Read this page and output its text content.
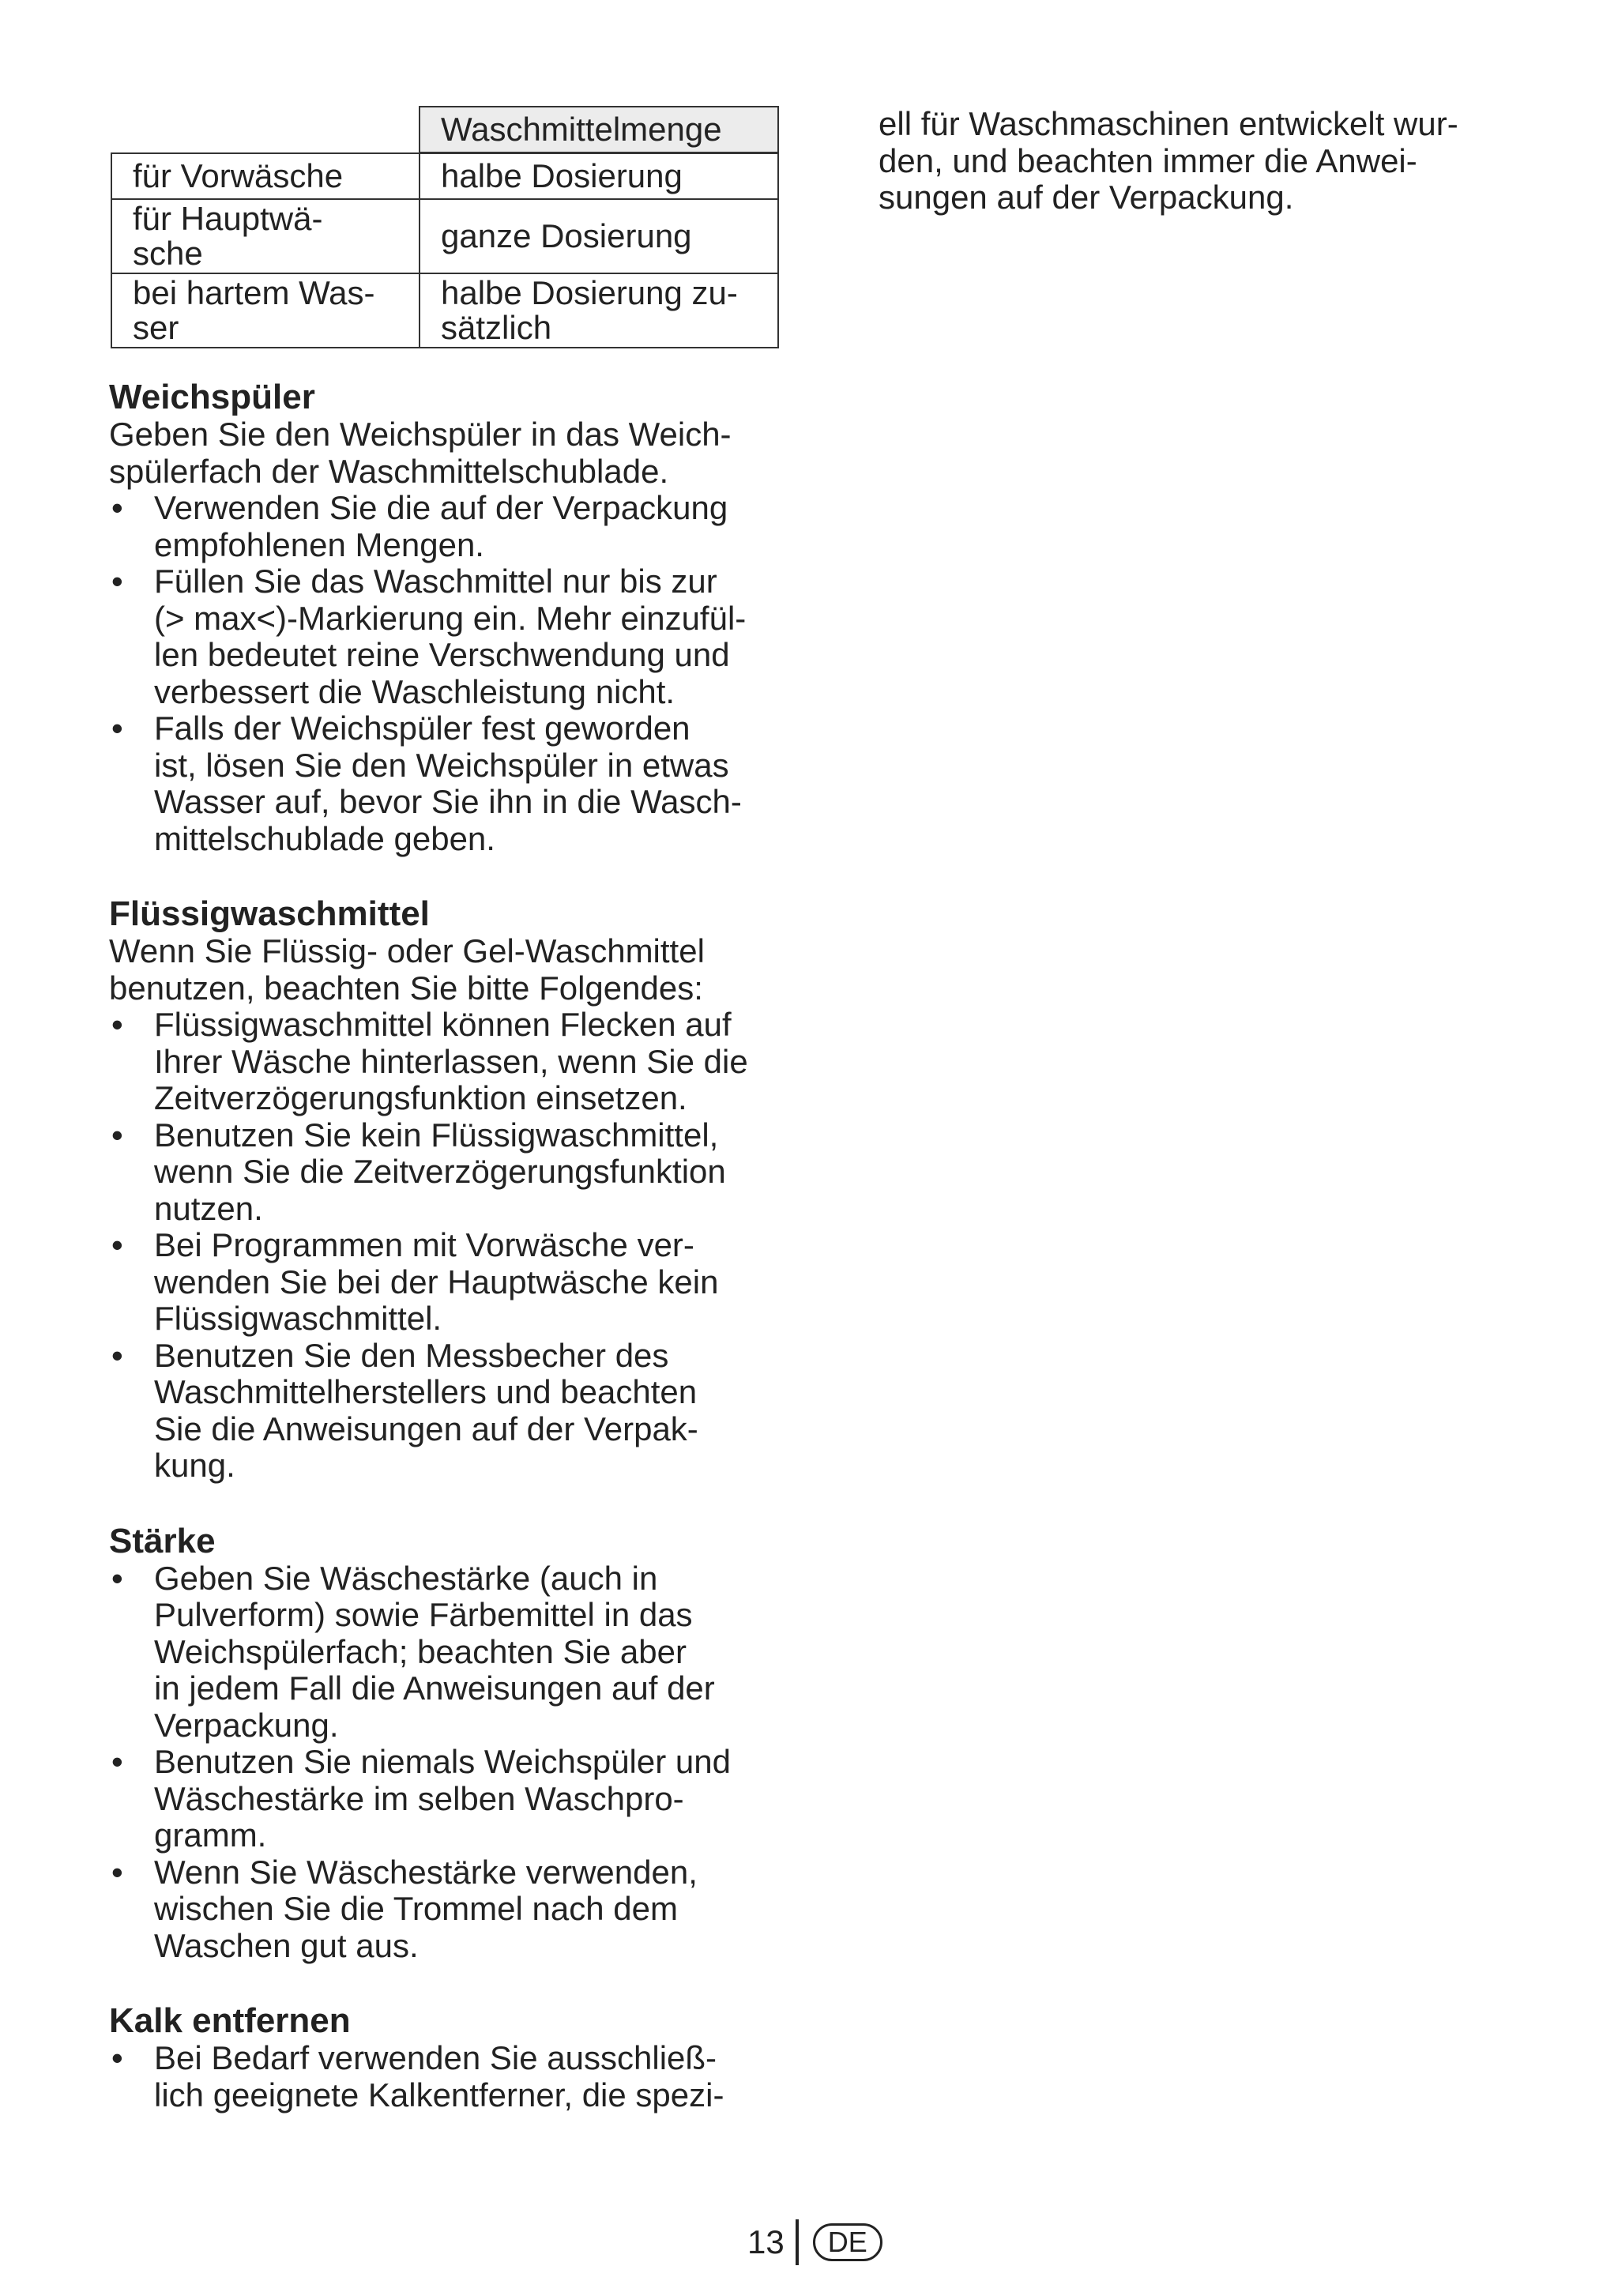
	Waschmittelmenge
für Vorwäsche	halbe Dosierung
für Hauptwä-
sche	ganze Dosierung
bei hartem Was-
ser	halbe Dosierung zu-
sätzlich
Weichspüler

Geben Sie den Weichspüler in das Weich-
spülerfach der Waschmittelschublade.

• Verwenden Sie die auf der Verpackung
empfohlenen Mengen.
• Füllen Sie das Waschmittel nur bis zur
(> max<)-Markierung ein. Mehr einzufül-
len bedeutet reine Verschwendung und
verbessert die Waschleistung nicht.
• Falls der Weichspüler fest geworden
ist, lösen Sie den Weichspüler in etwas
Wasser auf, bevor Sie ihn in die Wasch-
mittelschublade geben.
Flüssigwaschmittel

Wenn Sie Flüssig- oder Gel-Waschmittel
benutzen, beachten Sie bitte Folgendes:

• Flüssigwaschmittel können Flecken auf
Ihrer Wäsche hinterlassen, wenn Sie die
Zeitverzögerungsfunktion einsetzen.
• Benutzen Sie kein Flüssigwaschmittel,
wenn Sie die Zeitverzögerungsfunktion
nutzen.
• Bei Programmen mit Vorwäsche ver-
wenden Sie bei der Hauptwäsche kein
Flüssigwaschmittel.
• Benutzen Sie den Messbecher des
Waschmittelherstellers und beachten
Sie die Anweisungen auf der Verpak-
kung.
Stärke
• Geben Sie Wäschestärke (auch in
Pulverform) sowie Färbemittel in das
Weichspülerfach; beachten Sie aber
in jedem Fall die Anweisungen auf der
Verpackung.
• Benutzen Sie niemals Weichspüler und
Wäschestärke im selben Waschpro-
gramm.
• Wenn Sie Wäschestärke verwenden,
wischen Sie die Trommel nach dem
Waschen gut aus.
Kalk entfernen
• Bei Bedarf verwenden Sie ausschließ-
lich geeignete Kalkentferner, die spezi-

ell für Waschmaschinen entwickelt wur-
den, und beachten immer die Anwei-
sungen auf der Verpackung.

13	DE
